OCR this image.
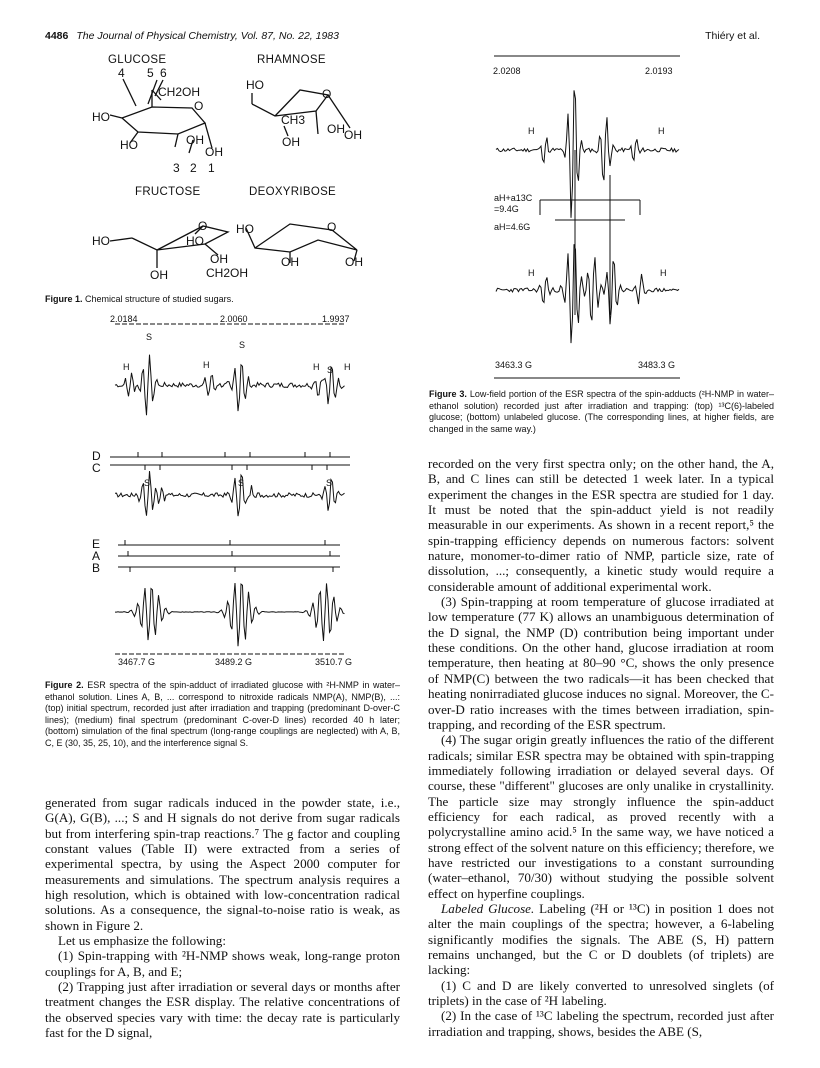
4486 The Journal of Physical Chemistry, Vol. 87, No. 22, 1983	Thiéry et al.
GLUCOSE	RHAMNOSE
FRUCTOSE	DEOXYRIBOSE
4 5 6
CH2OH
HO
O
HO	OH
OH
3 2 1
HO
O
CH3
OH OH
OH
HO
O
HO
OH
OH	CH2OH
HO	O
OH	OH
Figure 1. Chemical structure of studied sugars.
2.0184	2.0060	1.9937
S
S
S
H	H	H	H
S	S	S
D
C
E
A
B
3467.7 G	3489.2 G	3510.7 G
Figure 2. ESR spectra of the spin-adduct of irradiated glucose with ²H-NMP in water–ethanol solution. Lines A, B, ... correspond to nitroxide radicals NMP(A), NMP(B), ...: (top) initial spectrum, recorded just after irradiation and trapping (predominant D-over-C lines); (medium) final spectrum (predominant C-over-D lines) recorded 40 h later; (bottom) simulation of the final spectrum (long-range couplings are neglected) with A, B, C, E (30, 35, 25, 10), and the interference signal S.
2.0208	2.0193
H	H
H	H
aH+a13C =9.4G
aH=4.6G
3463.3 G	3483.3 G
Figure 3. Low-field portion of the ESR spectra of the spin-adducts (²H-NMP in water–ethanol solution) recorded just after irradiation and trapping: (top) ¹³C(6)-labeled glucose; (bottom) unlabeled glucose. (The corresponding lines, at higher fields, are changed in the same way.)

generated from sugar radicals induced in the powder state, i.e., G(A), G(B), ...; S and H signals do not derive from sugar radicals but from interfering spin-trap reactions.⁷ The g factor and coupling constant values (Table II) were extracted from a series of experimental spectra, by using the Aspect 2000 computer for measurements and simulations. The spectrum analysis requires a high resolution, which is obtained with low-concentration radical solutions. As a consequence, the signal-to-noise ratio is weak, as shown in Figure 2.

Let us emphasize the following:

(1) Spin-trapping with ²H-NMP shows weak, long-range proton couplings for A, B, and E;

(2) Trapping just after irradiation or several days or months after treatment changes the ESR display. The relative concentrations of the observed species vary with time: the decay rate is particularly fast for the D signal,

recorded on the very first spectra only; on the other hand, the A, B, and C lines can still be detected 1 week later. In a typical experiment the changes in the ESR spectra are studied for 1 day. It must be noted that the spin-adduct yield is not readily measurable in our experiments. As shown in a recent report,⁵ the spin-trapping efficiency depends on numerous factors: solvent nature, monomer-to-dimer ratio of NMP, particle size, rate of dissolution, ...; consequently, a kinetic study would require a considerable amount of additional experimental work.

(3) Spin-trapping at room temperature of glucose irradiated at low temperature (77 K) allows an unambiguous determination of the D signal, the NMP (D) contribution being important under these conditions. On the other hand, glucose irradiation at room temperature, then heating at 80–90 °C, shows the only presence of NMP(C) between the two radicals—it has been checked that heating nonirradiated glucose induces no signal. Moreover, the C-over-D ratio increases with the times between irradiation, spin-trapping, and recording of the ESR spectrum.

(4) The sugar origin greatly influences the ratio of the different radicals; similar ESR spectra may be obtained with spin-trapping immediately following irradiation or delayed several days. Of course, these "different" glucoses are only unalike in crystallinity. The particle size may strongly influence the spin-adduct efficiency for each radical, as proved recently with a polycrystalline amino acid.⁵ In the same way, we have noticed a strong effect of the solvent nature on this efficiency; therefore, we have restricted our investigations to a constant surrounding (water–ethanol, 70/30) without studying the possible solvent effect on hyperfine couplings.

Labeled Glucose. Labeling (²H or ¹³C) in position 1 does not alter the main couplings of the spectra; however, a 6-labeling significantly modifies the signals. The ABE (S, H) pattern remains unchanged, but the C or D doublets (of triplets) are lacking:

(1) C and D are likely converted to unresolved singlets (of triplets) in the case of ²H labeling.

(2) In the case of ¹³C labeling the spectrum, recorded just after irradiation and trapping, shows, besides the ABE (S,
